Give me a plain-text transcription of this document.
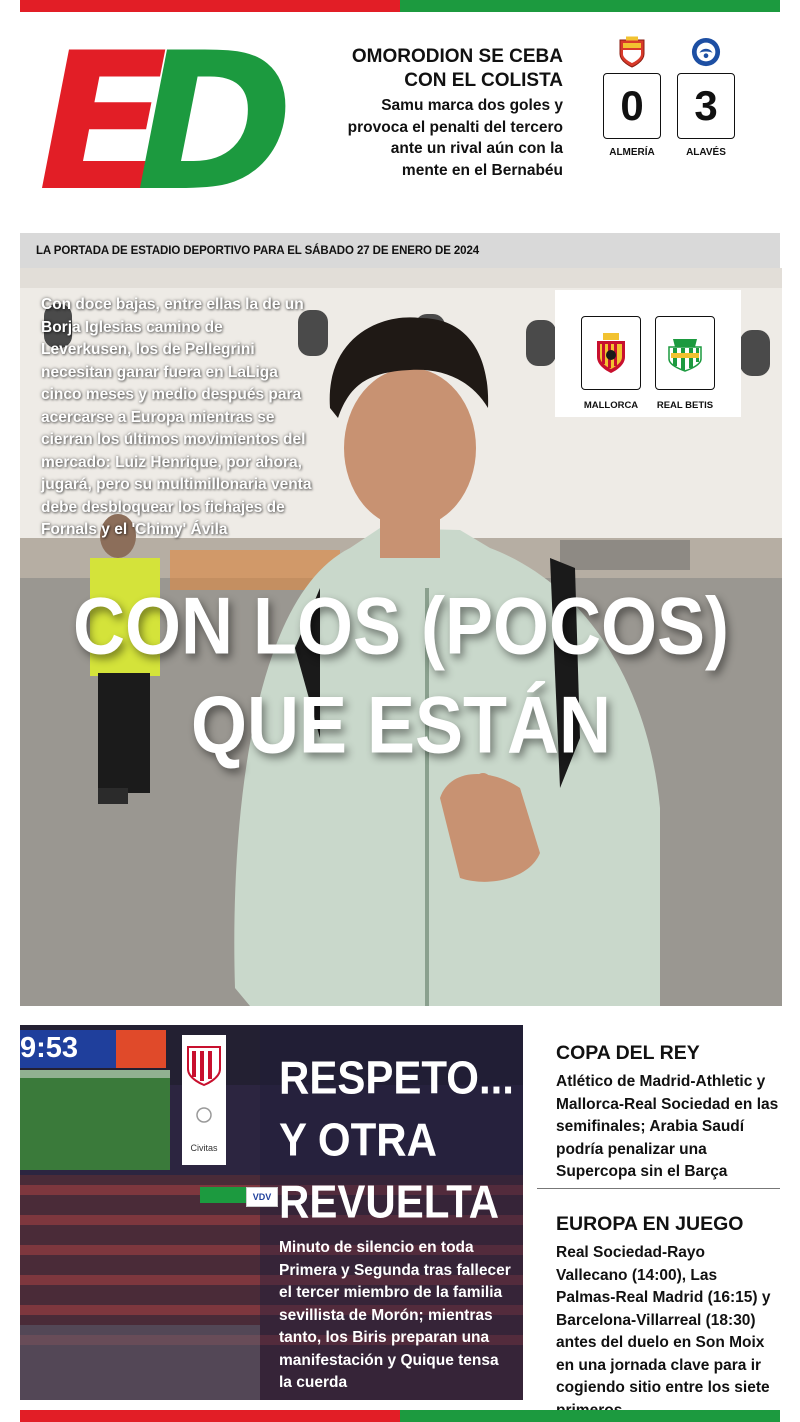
E
D	OMORODION SE CEBA
CON EL COLISTA
Samu marca dos goles y provoca el penalti del tercero ante un rival aún con la mente en el Bernabéu
0
ALMERÍA
3
ALAVÉS
LA PORTADA DE ESTADIO DEPORTIVO PARA EL SÁBADO 27 DE ENERO DE 2024
Con doce bajas, entre ellas la de un Borja Iglesias camino de Leverkusen, los de Pellegrini necesitan ganar fuera en LaLiga cinco meses y medio después para acercarse a Europa mientras se cierran los últimos movimientos del mercado: Luiz Henrique, por ahora, jugará, pero su multimillonaria venta debe desbloquear los fichajes de Fornals y el 'Chimy' Ávila
MALLORCA REAL BETIS
CON LOS (POCOS)
QUE ESTÁN
9:53
Civitas
VDV
RESPETO...
Y OTRA
REVUELTA
Minuto de silencio en toda Primera y Segunda tras fallecer el tercer miembro de la familia sevillista de Morón; mientras tanto, los Biris preparan una manifestación y Quique tensa la cuerda
COPA DEL REY

Atlético de Madrid-Athletic y Mallorca-Real Sociedad en las semifinales; Arabia Saudí podría penalizar una Supercopa sin el Barça

EUROPA EN JUEGO

Real Sociedad-Rayo Vallecano (14:00), Las Palmas-Real Madrid (16:15) y Barcelona-Villarreal (18:30) antes del duelo en Son Moix en una jornada clave para ir cogiendo sitio entre los siete
